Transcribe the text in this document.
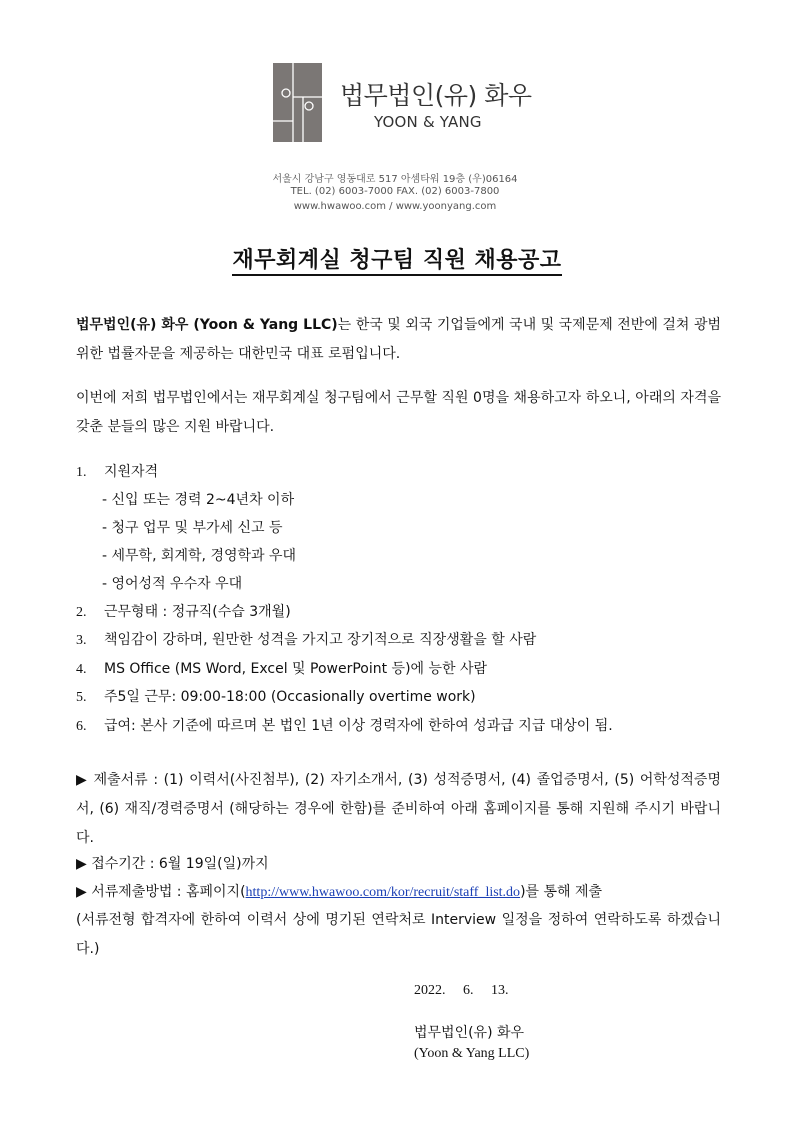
법무법인(유) 화우
YOON & YANG
서울시 강남구 영동대로 517 아셈타워 19층 (우)06164
TEL. (02) 6003-7000 FAX. (02) 6003-7800
www.hwawoo.com / www.yoonyang.com
재무회계실 청구팀 직원 채용공고
법무법인(유) 화우 (Yoon & Yang LLC)는 한국 및 외국 기업들에게 국내 및 국제문제 전반에 걸쳐 광범위한 법률자문을 제공하는 대한민국 대표 로펌입니다.
이번에 저희 법무법인에서는 재무회계실 청구팀에서 근무할 직원 0명을 채용하고자 하오니, 아래의 자격을 갖춘 분들의 많은 지원 바랍니다.
1. 지원자격
- 신입 또는 경력 2~4년차 이하
- 청구 업무 및 부가세 신고 등
- 세무학, 회계학, 경영학과 우대
- 영어성적 우수자 우대
2. 근무형태 : 정규직(수습 3개월)
3. 책임감이 강하며, 원만한 성격을 가지고 장기적으로 직장생활을 할 사람
4. MS Office (MS Word, Excel 및 PowerPoint 등)에 능한 사람
5. 주5일 근무: 09:00-18:00 (Occasionally overtime work)
6. 급여: 본사 기준에 따르며 본 법인 1년 이상 경력자에 한하여 성과급 지급 대상이 됨.
▶ 제출서류 : (1) 이력서(사진첨부), (2) 자기소개서, (3) 성적증명서, (4) 졸업증명서, (5) 어학성적증명서, (6) 재직/경력증명서 (해당하는 경우에 한함)를 준비하여 아래 홈페이지를 통해 지원해 주시기 바랍니다.
▶ 접수기간 : 6월 19일(일)까지
▶ 서류제출방법 : 홈페이지(http://www.hwawoo.com/kor/recruit/staff_list.do)를 통해 제출
(서류전형 합격자에 한하여 이력서 상에 명기된 연락처로 Interview 일정을 정하여 연락하도록 하겠습니다.)
2022.     6.     13.
법무법인(유) 화우
(Yoon & Yang LLC)
